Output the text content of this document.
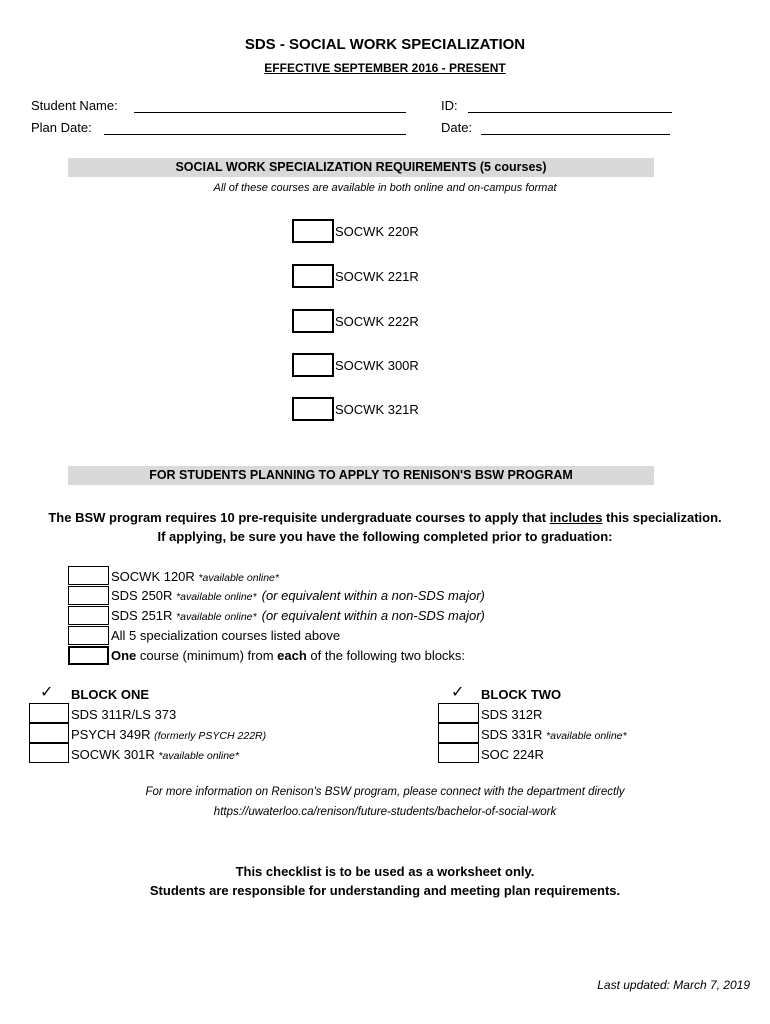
SDS - SOCIAL WORK SPECIALIZATION
EFFECTIVE SEPTEMBER 2016 - PRESENT
Student Name:	ID:
Plan Date:	Date:
SOCIAL WORK SPECIALIZATION REQUIREMENTS (5 courses)
All of these courses are available in both online and on-campus format
SOCWK 220R
SOCWK 221R
SOCWK 222R
SOCWK 300R
SOCWK 321R
FOR STUDENTS PLANNING TO APPLY TO RENISON'S BSW PROGRAM
The BSW program requires 10 pre-requisite undergraduate courses to apply that includes this specialization.
If applying, be sure you have the following completed prior to graduation:
SOCWK 120R *available online*
SDS 250R *available online* (or equivalent within a non-SDS major)
SDS 251R *available online* (or equivalent within a non-SDS major)
All 5 specialization courses listed above
One course (minimum) from each of the following two blocks:
✓ BLOCK ONE
SDS 311R/LS 373
PSYCH 349R (formerly PSYCH 222R)
SOCWK 301R *available online*
✓ BLOCK TWO
SDS 312R
SDS 331R *available online*
SOC 224R
For more information on Renison's BSW program, please connect with the department directly
https://uwaterloo.ca/renison/future-students/bachelor-of-social-work
This checklist is to be used as a worksheet only.
Students are responsible for understanding and meeting plan requirements.
Last updated: March 7, 2019
